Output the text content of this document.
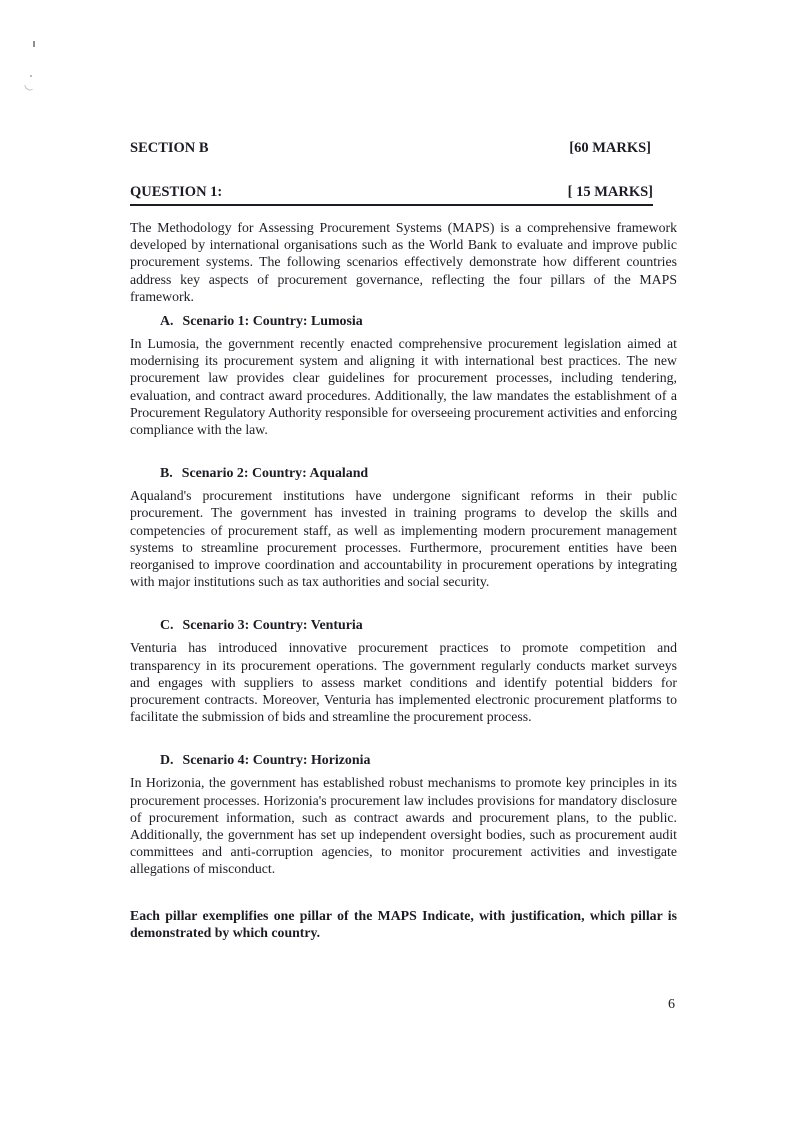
SECTION B	[60 MARKS]
QUESTION 1:	[ 15 MARKS]

The Methodology for Assessing Procurement Systems (MAPS) is a comprehensive framework developed by international organisations such as the World Bank to evaluate and improve public procurement systems. The following scenarios effectively demonstrate how different countries address key aspects of procurement governance, reflecting the four pillars of the MAPS framework.

A. Scenario 1: Country: Lumosia

In Lumosia, the government recently enacted comprehensive procurement legislation aimed at modernising its procurement system and aligning it with international best practices. The new procurement law provides clear guidelines for procurement processes, including tendering, evaluation, and contract award procedures. Additionally, the law mandates the establishment of a Procurement Regulatory Authority responsible for overseeing procurement activities and enforcing compliance with the law.

B. Scenario 2: Country: Aqualand

Aqualand's procurement institutions have undergone significant reforms in their public procurement. The government has invested in training programs to develop the skills and competencies of procurement staff, as well as implementing modern procurement management systems to streamline procurement processes. Furthermore, procurement entities have been reorganised to improve coordination and accountability in procurement operations by integrating with major institutions such as tax authorities and social security.

C. Scenario 3: Country: Venturia

Venturia has introduced innovative procurement practices to promote competition and transparency in its procurement operations. The government regularly conducts market surveys and engages with suppliers to assess market conditions and identify potential bidders for procurement contracts. Moreover, Venturia has implemented electronic procurement platforms to facilitate the submission of bids and streamline the procurement process.

D. Scenario 4: Country: Horizonia

In Horizonia, the government has established robust mechanisms to promote key principles in its procurement processes. Horizonia's procurement law includes provisions for mandatory disclosure of procurement information, such as contract awards and procurement plans, to the public. Additionally, the government has set up independent oversight bodies, such as procurement audit committees and anti-corruption agencies, to monitor procurement activities and investigate allegations of misconduct.

Each pillar exemplifies one pillar of the MAPS Indicate, with justification, which pillar is demonstrated by which country.

6
